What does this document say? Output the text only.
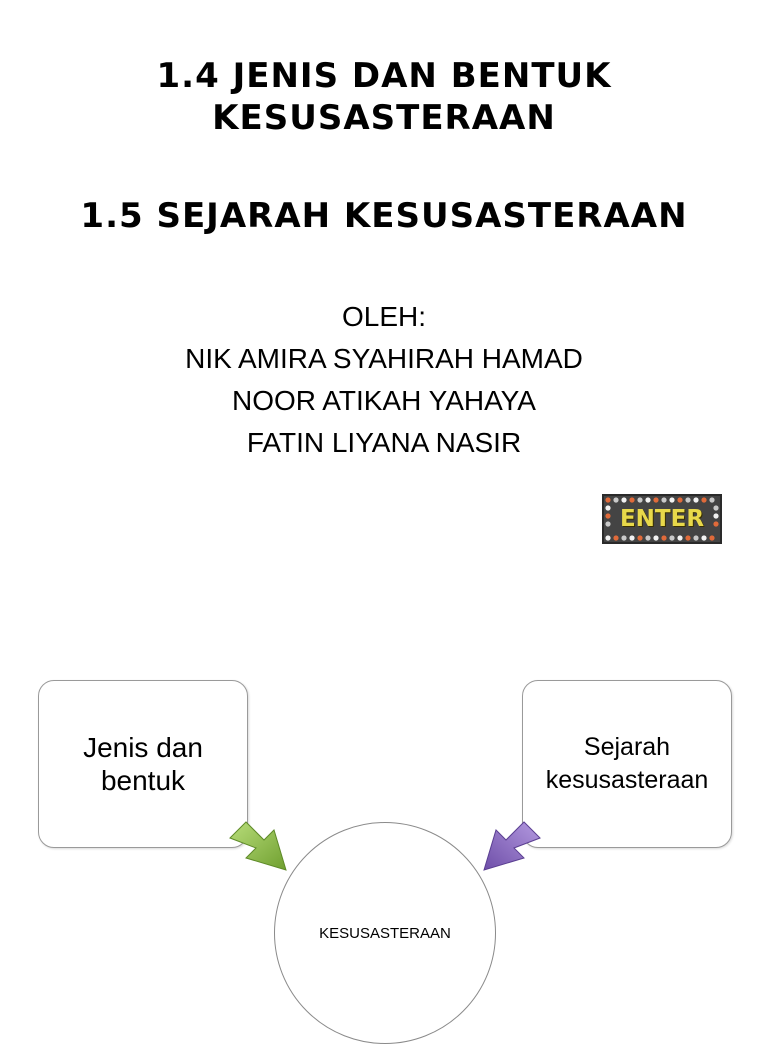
1.4 JENIS DAN BENTUK
KESUSASTERAAN
1.5 SEJARAH KESUSASTERAAN
OLEH:
NIK AMIRA SYAHIRAH HAMAD
NOOR ATIKAH YAHAYA
FATIN LIYANA NASIR
ENTER
Jenis dan
bentuk
Sejarah
kesusasteraan
KESUSASTERAAN
